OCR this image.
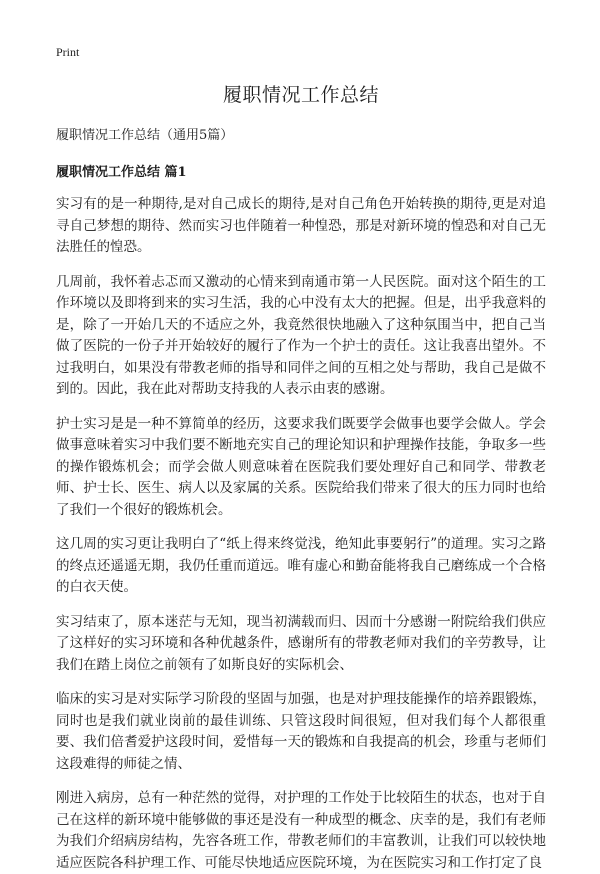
Print
履职情况工作总结
履职情况工作总结（通用5篇）
履职情况工作总结 篇1

实习有的是一种期待,是对自己成长的期待,是对自己角色开始转换的期待,更是对追寻自己梦想的期待、然而实习也伴随着一种惶恐，那是对新环境的惶恐和对自己无法胜任的惶恐。

几周前，我怀着忐忑而又激动的心情来到南通市第一人民医院。面对这个陌生的工作环境以及即将到来的实习生活，我的心中没有太大的把握。但是，出乎我意料的是，除了一开始几天的不适应之外，我竟然很快地融入了这种氛围当中，把自己当做了医院的一份子并开始较好的履行了作为一个护士的责任。这让我喜出望外。不过我明白，如果没有带教老师的指导和同伴之间的互相之处与帮助，我自己是做不到的。因此，我在此对帮助支持我的人表示由衷的感谢。

护士实习是是一种不算简单的经历，这要求我们既要学会做事也要学会做人。学会做事意味着实习中我们要不断地充实自己的理论知识和护理操作技能，争取多一些的操作锻炼机会；而学会做人则意味着在医院我们要处理好自己和同学、带教老师、护士长、医生、病人以及家属的关系。医院给我们带来了很大的压力同时也给了我们一个很好的锻炼机会。

这几周的实习更让我明白了“纸上得来终觉浅，绝知此事要躬行”的道理。实习之路的终点还遥遥无期，我仍任重而道远。唯有虚心和勤奋能将我自己磨练成一个合格的白衣天使。

实习结束了，原本迷茫与无知，现当初满载而归、因而十分感谢一附院给我们供应了这样好的实习环境和各种优越条件，感谢所有的带教老师对我们的辛劳教导，让我们在踏上岗位之前领有了如斯良好的实际机会、

临床的实习是对实际学习阶段的坚固与加强，也是对护理技能操作的培养跟锻炼，同时也是我们就业岗前的最佳训练、只管这段时间很短，但对我们每个人都很重要、我们倍耆爱护这段时间，爱惜每一天的锻炼和自我提高的机会，珍重与老师们这段难得的师徒之情、

刚进入病房，总有一种茫然的觉得，对护理的工作处于比较陌生的状态，也对于自己在这样的新环境中能够做的事还是没有一种成型的概念、庆幸的是，我们有老师为我们介绍病房结构，先容各班工作，带教老师们的丰富教训，让我们可以较快地适应医院各科护理工作、可能尽快地适应医院环境，为在医院实习和工作打定了良
